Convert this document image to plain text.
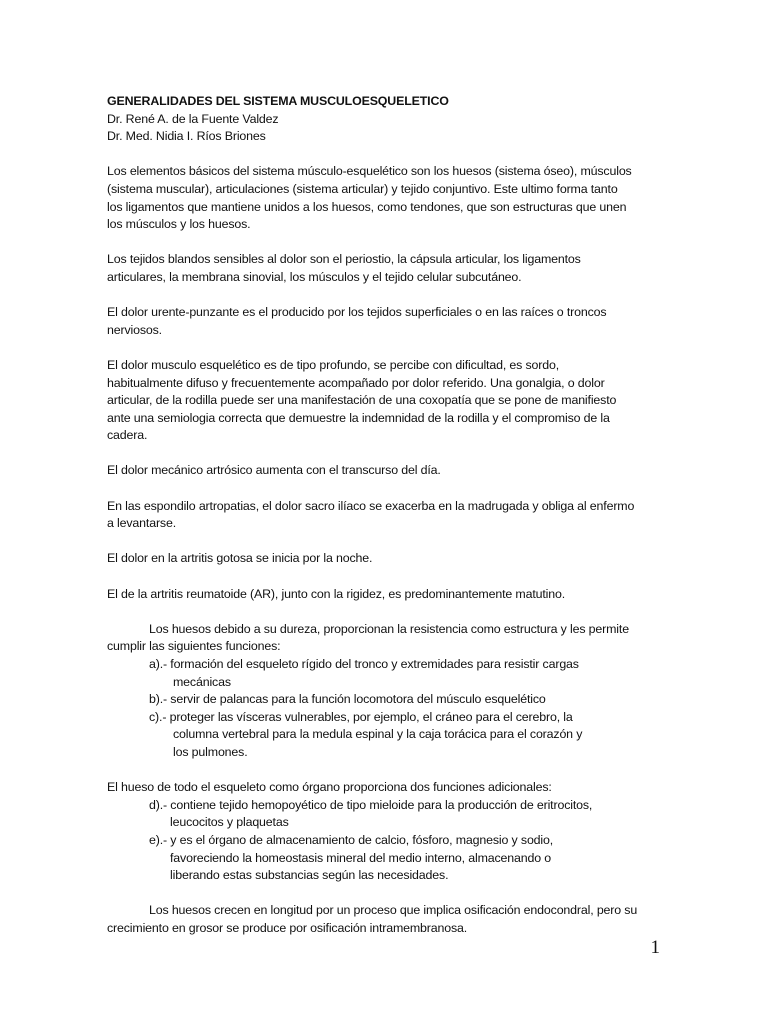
GENERALIDADES DEL SISTEMA MUSCULOESQUELETICO
Dr. René A. de la Fuente Valdez
Dr. Med. Nidia I. Ríos Briones
Los elementos básicos del sistema músculo-esquelético son los huesos (sistema óseo), músculos
(sistema muscular), articulaciones (sistema articular) y tejido conjuntivo. Este ultimo forma tanto
los ligamentos que mantiene unidos a los huesos, como tendones, que son estructuras que unen
los músculos y los huesos.
Los tejidos blandos sensibles al dolor son el periostio, la cápsula articular, los ligamentos
articulares, la membrana sinovial, los músculos y el tejido celular subcutáneo.
El dolor urente-punzante es el producido por los tejidos superficiales o en las raíces o troncos
nerviosos.
El dolor musculo esquelético es de tipo profundo, se percibe con dificultad, es sordo,
habitualmente difuso y frecuentemente acompañado por dolor referido. Una gonalgia, o dolor
articular, de la rodilla puede ser una manifestación de una coxopatía que se pone de manifiesto
ante una semiologia correcta que demuestre la indemnidad de la rodilla y el compromiso de la
cadera.
El dolor mecánico artrósico aumenta con el transcurso del día.
En las espondilo artropatias, el dolor sacro ilíaco se exacerba en la madrugada y obliga al enfermo
a levantarse.
El dolor en la artritis gotosa se inicia por la noche.
El de la artritis reumatoide (AR), junto con la rigidez, es predominantemente matutino.
Los huesos debido a su dureza, proporcionan la resistencia como estructura y les permite
cumplir las siguientes funciones:
a).- formación del esqueleto rígido del tronco y extremidades para resistir cargas
mecánicas
b).- servir de palancas para la función locomotora del músculo esquelético
c).- proteger las vísceras vulnerables, por ejemplo, el cráneo para el cerebro, la
columna vertebral para la medula espinal y la caja torácica para el corazón y
los pulmones.
El hueso de todo el esqueleto como órgano proporciona dos funciones adicionales:
d).- contiene tejido hemopoyético de tipo mieloide para la producción de eritrocitos,
leucocitos y plaquetas
e).- y es el órgano de almacenamiento de calcio, fósforo, magnesio y sodio,
favoreciendo la homeostasis mineral del medio interno, almacenando o
liberando estas substancias según las necesidades.
Los huesos crecen en longitud por un proceso que implica osificación endocondral, pero su
crecimiento en grosor se produce por osificación intramembranosa.
1
